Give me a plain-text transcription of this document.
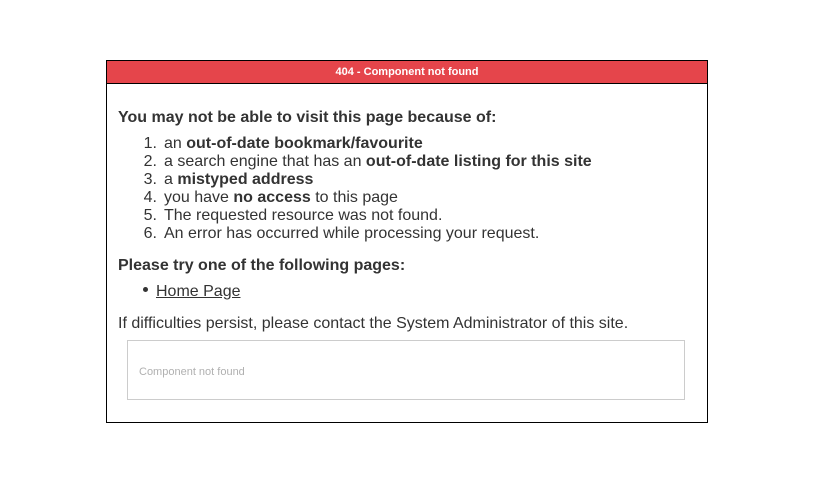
404 - Component not found

You may not be able to visit this page because of:

1. an out-of-date bookmark/favourite
2. a search engine that has an out-of-date listing for this site
3. a mistyped address
4. you have no access to this page
5. The requested resource was not found.
6. An error has occurred while processing your request.

Please try one of the following pages:

Home Page

If difficulties persist, please contact the System Administrator of this site.

Component not found
